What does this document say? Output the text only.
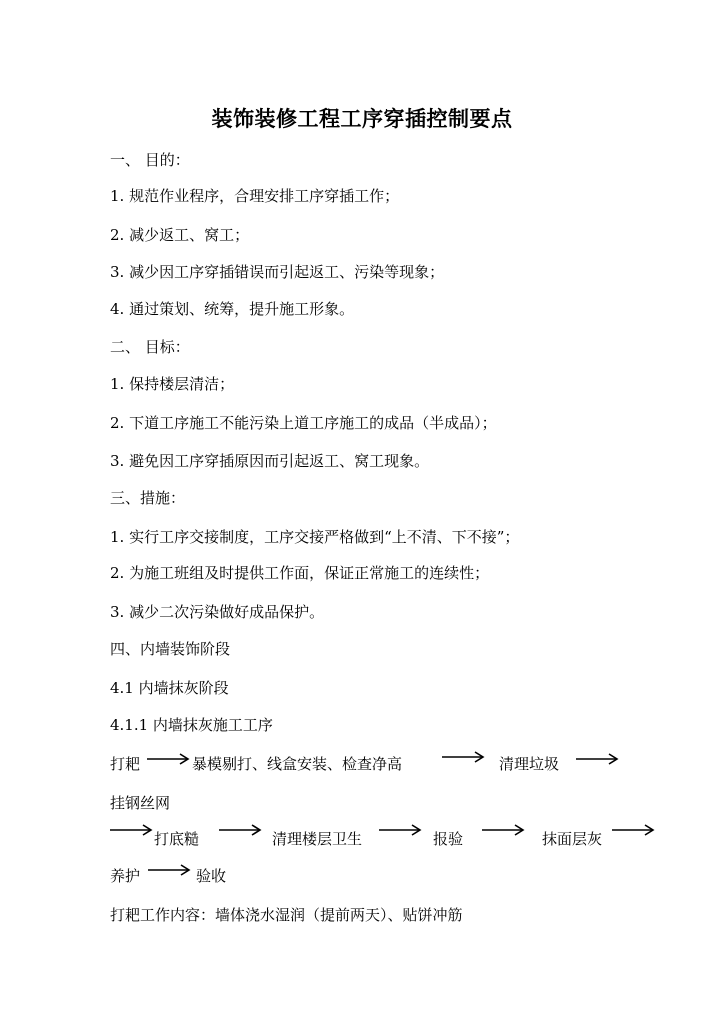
装饰装修工程工序穿插控制要点
一、 目的：
1. 规范作业程序，合理安排工序穿插工作；
2. 减少返工、窝工；
3. 减少因工序穿插错误而引起返工、污染等现象；
4. 通过策划、统筹，提升施工形象。
二、 目标：
1. 保持楼层清洁；
2. 下道工序施工不能污染上道工序施工的成品（半成品）；
3. 避免因工序穿插原因而引起返工、窝工现象。
三、措施：
1. 实行工序交接制度，工序交接严格做到“上不清、下不接”；
2. 为施工班组及时提供工作面，保证正常施工的连续性；
3. 减少二次污染做好成品保护。
四、内墙装饰阶段
4.1 内墙抹灰阶段
4.1.1 内墙抹灰施工工序
打耙	暴模剔打、线盒安装、检查净高	清理垃圾
挂钢丝网
打底糙	清理楼层卫生	报验	抹面层灰
养护	验收
打耙工作内容：墙体浇水湿润（提前两天）、贴饼冲筋
